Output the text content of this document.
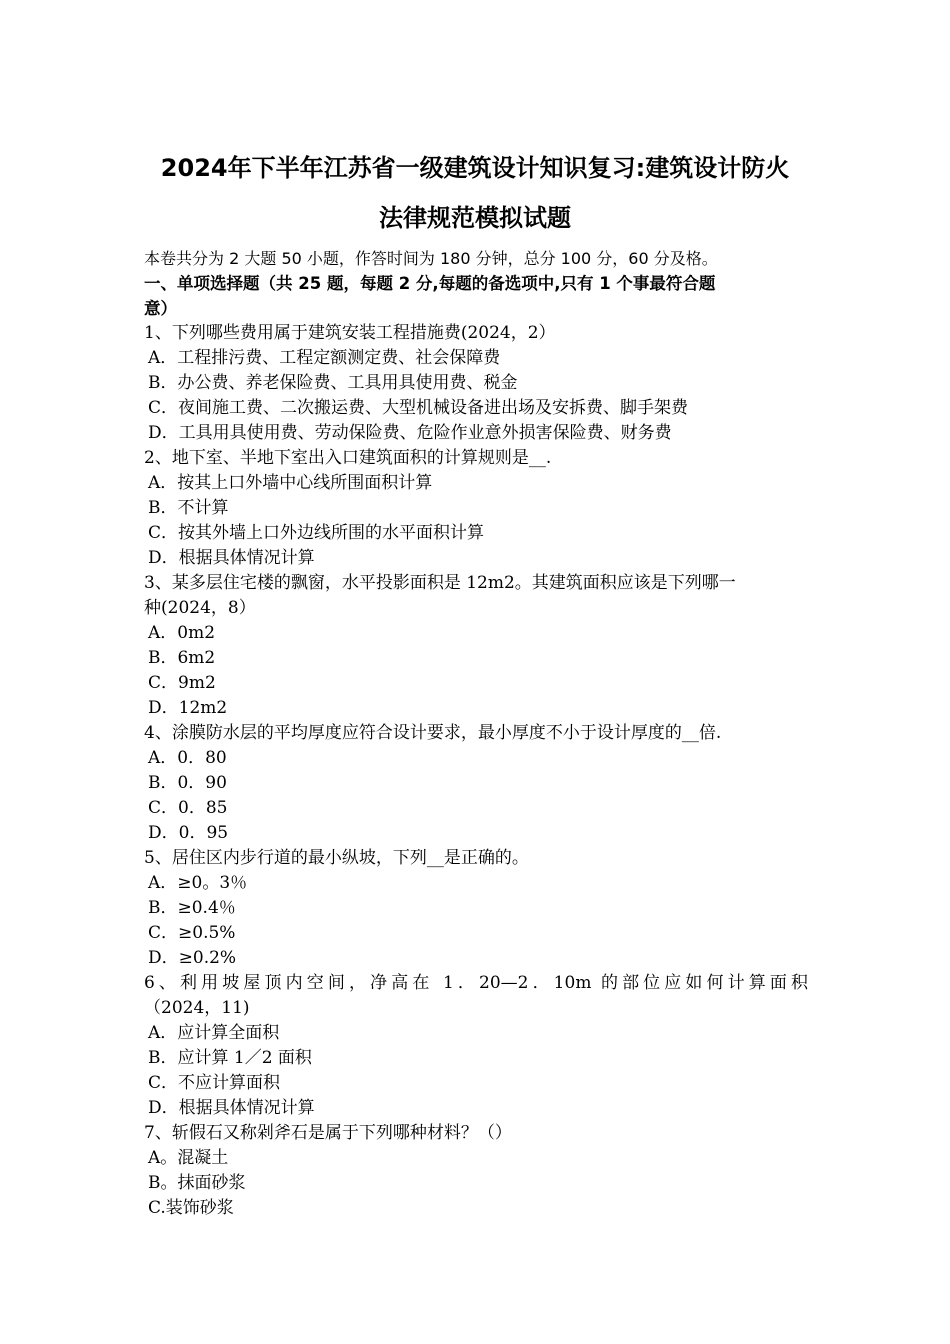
2024年下半年江苏省一级建筑设计知识复习:建筑设计防火
法律规范模拟试题
本卷共分为 2 大题 50 小题，作答时间为 180 分钟，总分 100 分，60 分及格。
一、单项选择题（共 25 题，每题 2 分,每题的备选项中,只有 1 个事最符合题
意）
1、下列哪些费用属于建筑安装工程措施费(2024，2）
A．工程排污费、工程定额测定费、社会保障费
B．办公费、养老保险费、工具用具使用费、税金
C．夜间施工费、二次搬运费、大型机械设备进出场及安拆费、脚手架费
D．工具用具使用费、劳动保险费、危险作业意外损害保险费、财务费
2、地下室、半地下室出入口建筑面积的计算规则是__.
A．按其上口外墙中心线所围面积计算
B．不计算
C．按其外墙上口外边线所围的水平面积计算
D．根据具体情况计算
3、某多层住宅楼的飘窗，水平投影面积是 12m2。其建筑面积应该是下列哪一
种(2024，8）
A．0m2
B．6m2
C．9m2
D．12m2
4、涂膜防水层的平均厚度应符合设计要求，最小厚度不小于设计厚度的__倍.
A．0．80
B．0．90
C．0．85
D．0．95
5、居住区内步行道的最小纵坡，下列__是正确的。
A．≥0。3％
B．≥0.4％
C．≥0.5%
D．≥0.2%
6、利用坡屋顶内空间，净高在 1．20—2．10m 的部位应如何计算面积
（2024，11)
A．应计算全面积
B．应计算 1／2 面积
C．不应计算面积
D．根据具体情况计算
7、斩假石又称剁斧石是属于下列哪种材料？（）
A。混凝土
B。抹面砂浆
C.装饰砂浆
